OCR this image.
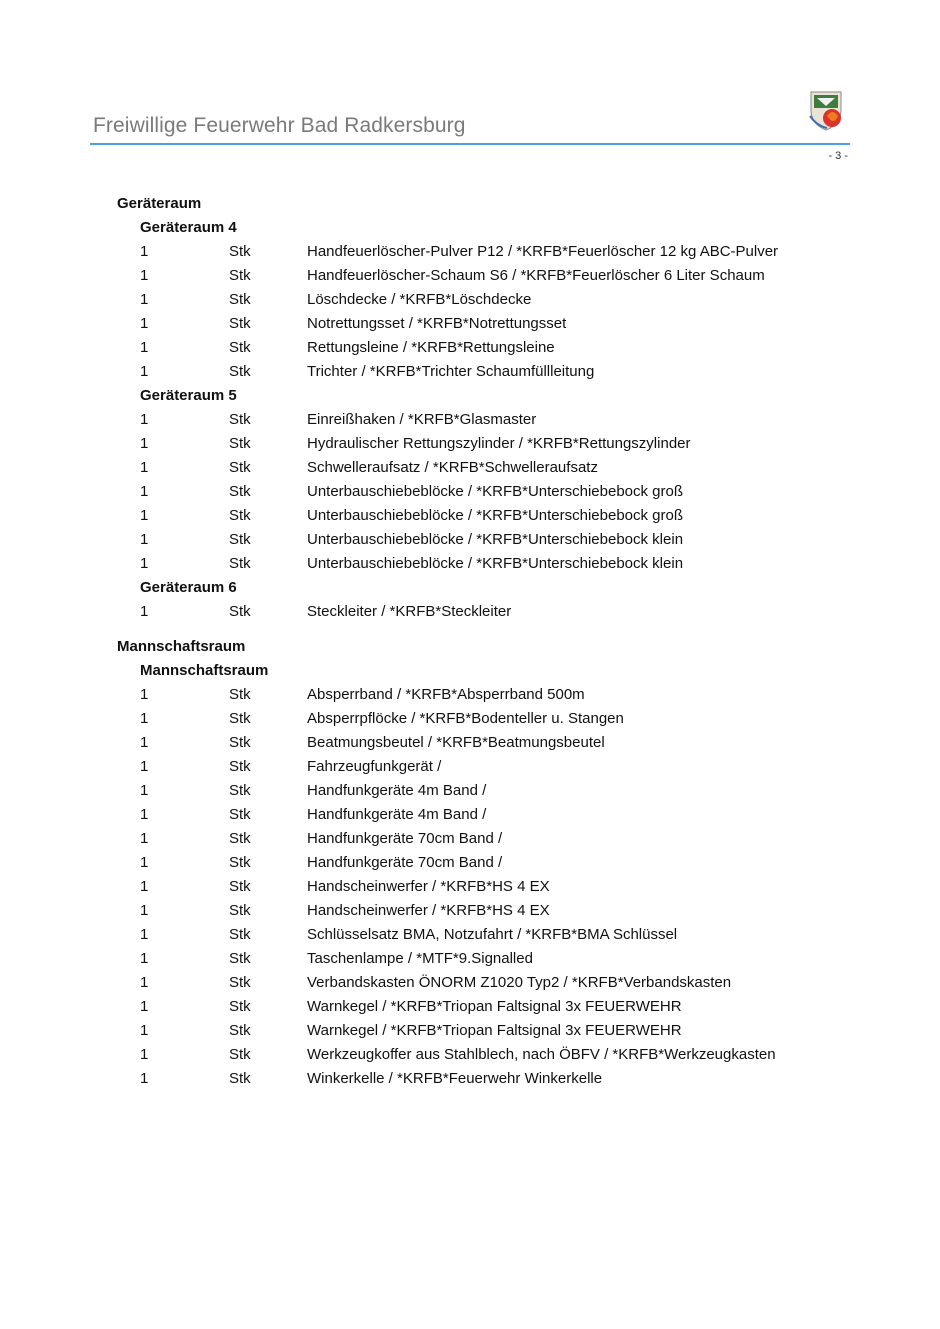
Freiwillige Feuerwehr Bad Radkersburg
- 3 -
Geräteraum
Geräteraum 4
1	Stk	Handfeuerlöscher-Pulver P12 / *KRFB*Feuerlöscher 12 kg ABC-Pulver
1	Stk	Handfeuerlöscher-Schaum S6 / *KRFB*Feuerlöscher 6 Liter Schaum
1	Stk	Löschdecke / *KRFB*Löschdecke
1	Stk	Notrettungsset / *KRFB*Notrettungsset
1	Stk	Rettungsleine / *KRFB*Rettungsleine
1	Stk	Trichter / *KRFB*Trichter Schaumfüllleitung
Geräteraum 5
1	Stk	Einreißhaken / *KRFB*Glasmaster
1	Stk	Hydraulischer Rettungszylinder / *KRFB*Rettungszylinder
1	Stk	Schwelleraufsatz / *KRFB*Schwelleraufsatz
1	Stk	Unterbauschiebeblöcke / *KRFB*Unterschiebebock groß
1	Stk	Unterbauschiebeblöcke / *KRFB*Unterschiebebock groß
1	Stk	Unterbauschiebeblöcke / *KRFB*Unterschiebebock klein
1	Stk	Unterbauschiebeblöcke / *KRFB*Unterschiebebock klein
Geräteraum 6
1	Stk	Steckleiter / *KRFB*Steckleiter
Mannschaftsraum
Mannschaftsraum
1	Stk	Absperrband / *KRFB*Absperrband 500m
1	Stk	Absperrpflöcke / *KRFB*Bodenteller u. Stangen
1	Stk	Beatmungsbeutel / *KRFB*Beatmungsbeutel
1	Stk	Fahrzeugfunkgerät /
1	Stk	Handfunkgeräte 4m Band /
1	Stk	Handfunkgeräte 4m Band /
1	Stk	Handfunkgeräte 70cm Band /
1	Stk	Handfunkgeräte 70cm Band /
1	Stk	Handscheinwerfer / *KRFB*HS 4 EX
1	Stk	Handscheinwerfer / *KRFB*HS 4 EX
1	Stk	Schlüsselsatz BMA, Notzufahrt / *KRFB*BMA Schlüssel
1	Stk	Taschenlampe / *MTF*9.Signalled
1	Stk	Verbandskasten ÖNORM Z1020 Typ2 / *KRFB*Verbandskasten
1	Stk	Warnkegel / *KRFB*Triopan Faltsignal 3x FEUERWEHR
1	Stk	Warnkegel / *KRFB*Triopan Faltsignal 3x FEUERWEHR
1	Stk	Werkzeugkoffer aus Stahlblech, nach ÖBFV / *KRFB*Werkzeugkasten
1	Stk	Winkerkelle / *KRFB*Feuerwehr Winkerkelle
